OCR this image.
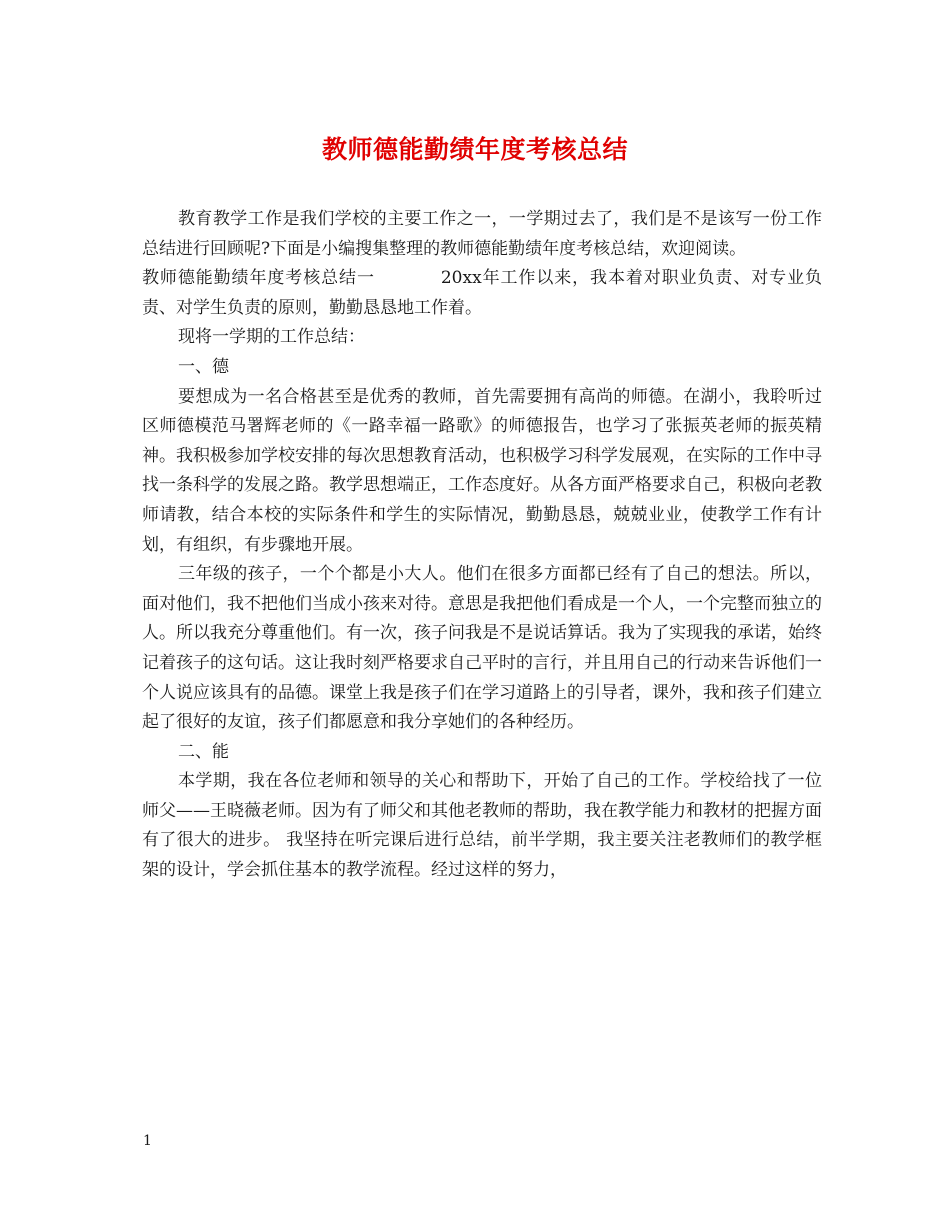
教师德能勤绩年度考核总结

教育教学工作是我们学校的主要工作之一，一学期过去了，我们是不是该写一份工作总结进行回顾呢?下面是小编搜集整理的教师德能勤绩年度考核总结，欢迎阅读。

教师德能勤绩年度考核总结一	20xx年工作以来，我本着对职业负责、对专业负责、对学生负责的原则，勤勤恳恳地工作着。

现将一学期的工作总结：

一、德

要想成为一名合格甚至是优秀的教师，首先需要拥有高尚的师德。在湖小，我聆听过区师德模范马署辉老师的《一路幸福一路歌》的师德报告，也学习了张振英老师的振英精神。我积极参加学校安排的每次思想教育活动，也积极学习科学发展观，在实际的工作中寻找一条科学的发展之路。教学思想端正，工作态度好。从各方面严格要求自己，积极向老教师请教，结合本校的实际条件和学生的实际情况，勤勤恳恳，兢兢业业，使教学工作有计划，有组织，有步骤地开展。

三年级的孩子，一个个都是小大人。他们在很多方面都已经有了自己的想法。所以，面对他们，我不把他们当成小孩来对待。意思是我把他们看成是一个人，一个完整而独立的人。所以我充分尊重他们。有一次，孩子问我是不是说话算话。我为了实现我的承诺，始终记着孩子的这句话。这让我时刻严格要求自己平时的言行，并且用自己的行动来告诉他们一个人说应该具有的品德。课堂上我是孩子们在学习道路上的引导者，课外，我和孩子们建立起了很好的友谊，孩子们都愿意和我分享她们的各种经历。

二、能

本学期，我在各位老师和领导的关心和帮助下，开始了自己的工作。学校给找了一位师父——王晓薇老师。因为有了师父和其他老教师的帮助，我在教学能力和教材的把握方面有了很大的进步。 我坚持在听完课后进行总结，前半学期，我主要关注老教师们的教学框架的设计，学会抓住基本的教学流程。经过这样的努力，

1
